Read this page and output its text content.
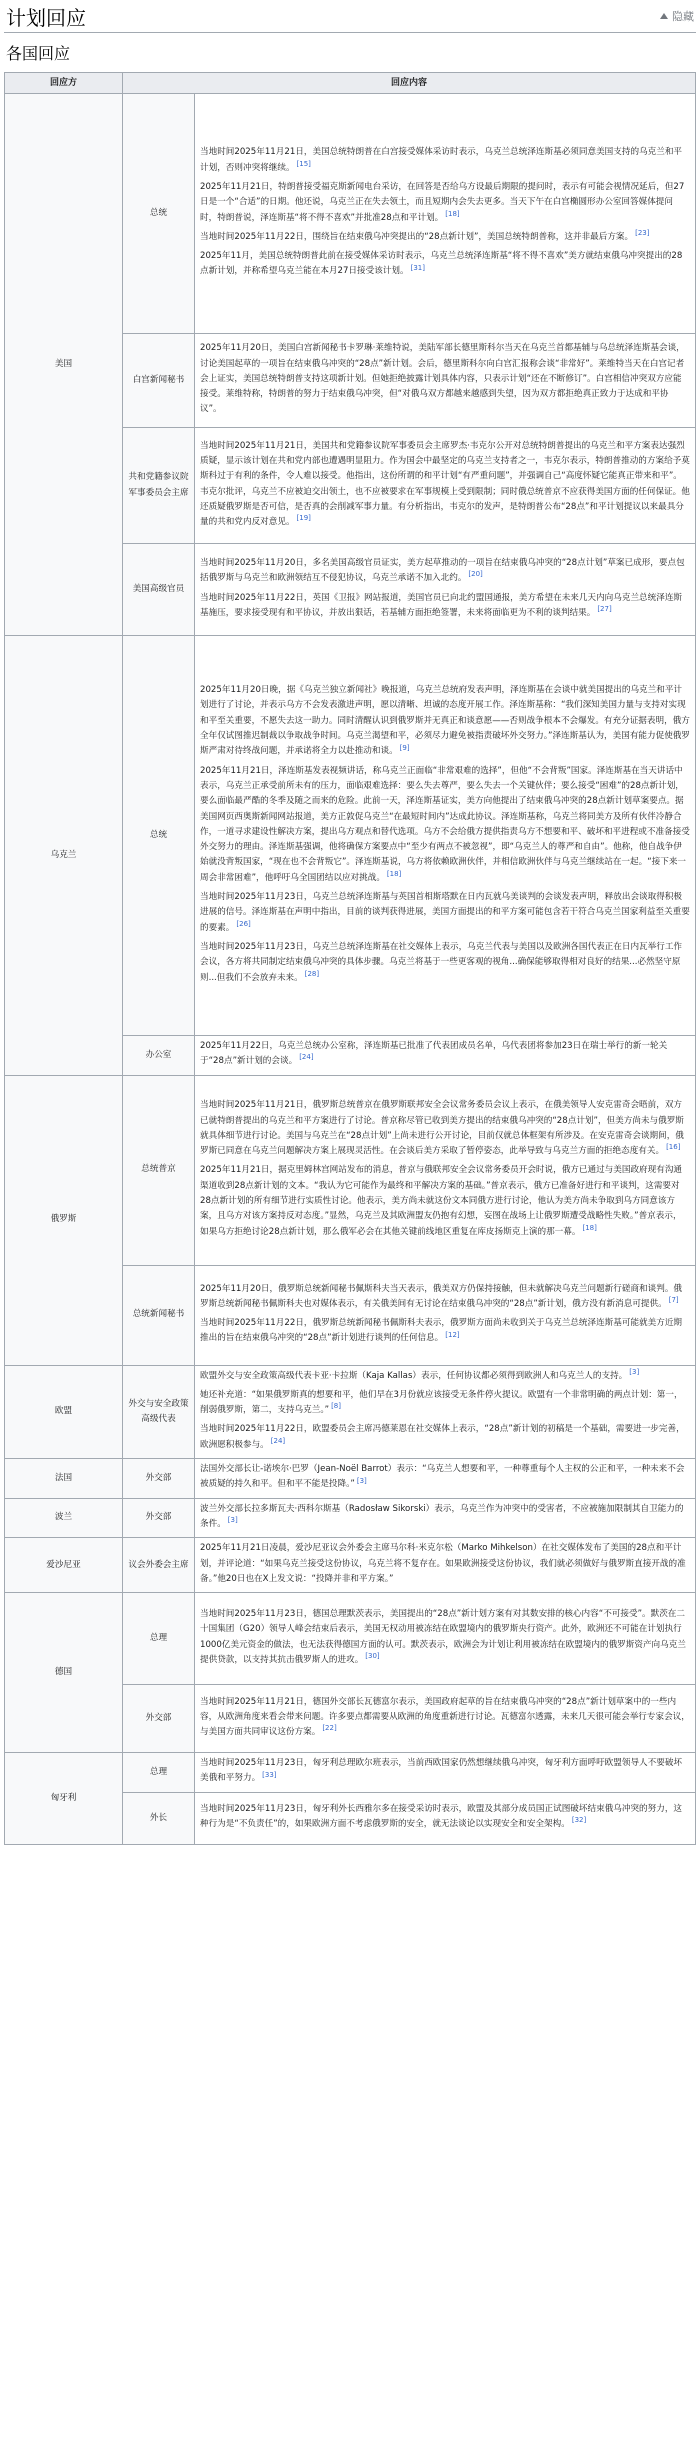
计划回应	隐藏
各国回应
回应方	回应内容	
美国	总统	当地时间2025年11月21日，美国总统特朗普在白宫接受媒体采访时表示，乌克兰总统泽连斯基必须同意美国支持的乌克兰和平计划，否则冲突将继续。 [15]

2025年11月21日，特朗普接受福克斯新闻电台采访，在回答是否给乌方设最后期限的提问时，表示有可能会视情况延后，但27日是一个“合适”的日期。他还说，乌克兰正在失去领土，而且短期内会失去更多。当天下午在白宫椭圆形办公室回答媒体提问时，特朗普说，泽连斯基“将不得不喜欢”并批准28点和平计划。 [18]

当地时间2025年11月22日，围绕旨在结束俄乌冲突提出的“28点新计划”，美国总统特朗普称，这并非最后方案。 [23]

2025年11月，美国总统特朗普此前在接受媒体采访时表示，乌克兰总统泽连斯基“将不得不喜欢”美方就结束俄乌冲突提出的28点新计划，并称希望乌克兰能在本月27日接受该计划。 [31]

	白宫新闻秘书	2025年11月20日，美国白宫新闻秘书卡罗琳·莱维特说，美陆军部长德里斯科尔当天在乌克兰首都基辅与乌总统泽连斯基会谈，讨论美国起草的一项旨在结束俄乌冲突的“28点”新计划。会后，德里斯科尔向白宫汇报称会谈“非常好”。莱维特当天在白宫记者会上证实，美国总统特朗普支持这项新计划。但她拒绝披露计划具体内容，只表示计划“还在不断修订”。白宫相信冲突双方应能接受。莱维特称，特朗普的努力于结束俄乌冲突，但“对俄乌双方都越来越感到失望，因为双方都拒绝真正致力于达成和平协议”。

	共和党籍参议院军事委员会主席	当地时间2025年11月21日，美国共和党籍参议院军事委员会主席罗杰·韦克尔公开对总统特朗普提出的乌克兰和平方案表达强烈质疑，显示该计划在共和党内部也遭遇明显阻力。作为国会中最坚定的乌克兰支持者之一，韦克尔表示，特朗普推动的方案给予莫斯科过于有利的条件，令人难以接受。他指出，这份所谓的和平计划“有严重问题”，并强调自己“高度怀疑它能真正带来和平”。韦克尔批评，乌克兰不应被迫交出领土，也不应被要求在军事规模上受到限制；同时俄总统普京不应获得美国方面的任何保证。他还质疑俄罗斯是否可信，是否真的会削减军事力量。有分析指出，韦克尔的发声，是特朗普公布“28点”和平计划提议以来最具分量的共和党内反对意见。 [19]

	美国高级官员	当地时间2025年11月20日，多名美国高级官员证实，美方起草推动的一项旨在结束俄乌冲突的“28点计划”草案已成形，要点包括俄罗斯与乌克兰和欧洲领结互不侵犯协议，乌克兰承诺不加入北约。 [20]

当地时间2025年11月22日，英国《卫报》网站报道，美国官员已向北约盟国通报，美方希望在未来几天内向乌克兰总统泽连斯基施压，要求接受现有和平协议，并放出狠话，若基辅方面拒绝签署，未来将面临更为不利的谈判结果。 [27]

乌克兰	总统	2025年11月20日晚，据《乌克兰独立新闻社》晚报道，乌克兰总统府发表声明，泽连斯基在会谈中就美国提出的乌克兰和平计划进行了讨论，并表示乌方不会发表激进声明，愿以清晰、坦诚的态度开展工作。泽连斯基称：“我们深知美国力量与支持对实现和平至关重要，不愿失去这一助力。同时清醒认识到俄罗斯并无真正和谈意愿——否则战争根本不会爆发。有充分证据表明，俄方全年仅试图推迟制裁以争取战争时间。乌克兰渴望和平，必须尽力避免被指责破坏外交努力。”泽连斯基认为，美国有能力促使俄罗斯严肃对待终战问题，并承诺将全力以赴推动和谈。 [9]

2025年11月21日，泽连斯基发表视频讲话，称乌克兰正面临“非常艰难的选择”，但他“不会背叛”国家。泽连斯基在当天讲话中表示，乌克兰正承受前所未有的压力，面临艰难选择：要么失去尊严，要么失去一个关键伙伴；要么接受“困难”的28点新计划，要么面临最严酷的冬季及随之而来的危险。此前一天，泽连斯基证实，美方向他提出了结束俄乌冲突的28点新计划草案要点。据美国网页西奥斯新闻网站报道，美方正敦促乌克兰“在最短时间内”达成此协议。泽连斯基称，乌克兰将同美方及所有伙伴冷静合作，一道寻求建设性解决方案，提出乌方观点和替代选项。乌方不会给俄方提供指责乌方不想要和平、破坏和平进程或不准备接受外交努力的理由。泽连斯基强调，他将确保方案要点中“至少有两点不被忽视”，即“乌克兰人的尊严和自由”。他称，他自战争伊始就没背叛国家，“现在也不会背叛它”。泽连斯基说，乌方将依赖欧洲伙伴，并相信欧洲伙伴与乌克兰继续站在一起。“接下来一周会非常困难”，他呼吁乌全国团结以应对挑战。 [18]

当地时间2025年11月23日，乌克兰总统泽连斯基与英国首相斯塔默在日内瓦就乌美谈判的会谈发表声明，释放出会谈取得积极进展的信号。泽连斯基在声明中指出，目前的谈判获得进展，美国方面提出的和平方案可能包含若干符合乌克兰国家利益至关重要的要素。 [26]

当地时间2025年11月23日，乌克兰总统泽连斯基在社交媒体上表示，乌克兰代表与美国以及欧洲各国代表正在日内瓦举行工作会议，各方将共同制定结束俄乌冲突的具体步骤。乌克兰将基于一些更客观的视角...确保能够取得相对良好的结果...必然坚守原则...但我们不会放弃未来。 [28]

	办公室	2025年11月22日，乌克兰总统办公室称，泽连斯基已批准了代表团成员名单，乌代表团将参加23日在瑞士举行的新一轮关于“28点”新计划的会谈。 [24]

俄罗斯	总统普京	当地时间2025年11月21日，俄罗斯总统普京在俄罗斯联邦安全会议常务委员会议上表示，在俄美领导人安克雷奇会晤前，双方已就特朗普提出的乌克兰和平方案进行了讨论。普京称尽管已收到美方提出的结束俄乌冲突的“28点计划”，但美方尚未与俄罗斯就具体细节进行讨论。美国与乌克兰在“28点计划”上尚未进行公开讨论，目前仅就总体框架有所涉及。在安克雷奇会谈期间，俄罗斯已同意在乌克兰问题解决方案上展现灵活性。在会谈后美方采取了暂停姿态，此举导致与乌克兰方面的拒绝态度有关。 [16]

2025年11月21日，据克里姆林宫网站发布的消息，普京与俄联邦安全会议常务委员开会时说，俄方已通过与美国政府现有沟通渠道收到28点新计划的文本。“我认为它可能作为最终和平解决方案的基础。”普京表示，俄方已准备好进行和平谈判，这需要对28点新计划的所有细节进行实质性讨论。他表示，美方尚未就这份文本同俄方进行讨论，他认为美方尚未争取到乌方同意该方案，且乌方对该方案持反对态度。”显然，乌克兰及其欧洲盟友仍抱有幻想，妄图在战场上让俄罗斯遭受战略性失败。”普京表示，如果乌方拒绝讨论28点新计划，那么俄军必会在其他关键前线地区重复在库皮扬斯克上演的那一幕。 [18]

	总统新闻秘书	2025年11月20日，俄罗斯总统新闻秘书佩斯科夫当天表示，俄美双方仍保持接触，但未就解决乌克兰问题新行磋商和谈判。俄罗斯总统新闻秘书佩斯科夫也对媒体表示，有关俄美间有无讨论在结束俄乌冲突的“28点”新计划，俄方没有新消息可提供。 [7]

当地时间2025年11月22日，俄罗斯总统新闻秘书佩斯科夫表示，俄罗斯方面尚未收到关于乌克兰总统泽连斯基可能就美方近期推出的旨在结束俄乌冲突的“28点”新计划进行谈判的任何信息。 [12]

欧盟	外交与安全政策高级代表	欧盟外交与安全政策高级代表卡亚·卡拉斯（Kaja Kallas）表示，任何协议都必须得到欧洲人和乌克兰人的支持。 [3]

她还补充道：“如果俄罗斯真的想要和平，他们早在3月份就应该接受无条件停火提议。欧盟有一个非常明确的两点计划：第一，削弱俄罗斯，第二，支持乌克兰。” [8]

当地时间2025年11月22日，欧盟委员会主席冯德莱恩在社交媒体上表示，“28点”新计划的初稿是一个基础，需要进一步完善，欧洲愿积极参与。 [24]

法国	外交部	法国外交部长让-诺埃尔·巴罗（Jean-Noël Barrot）表示：“乌克兰人想要和平，一种尊重每个人主权的公正和平，一种未来不会被质疑的持久和平。但和平不能是投降。” [3]

波兰	外交部	波兰外交部长拉多斯瓦夫·西科尔斯基（Radosław Sikorski）表示，乌克兰作为冲突中的受害者，不应被施加限制其自卫能力的条件。 [3]

爱沙尼亚	议会外委会主席	2025年11月21日凌晨，爱沙尼亚议会外委会主席马尔科·米克尔松（Marko Mihkelson）在社交媒体发布了美国的28点和平计划，并评论道：“如果乌克兰接受这份协议，乌克兰将不复存在。如果欧洲接受这份协议，我们就必须做好与俄罗斯直接开战的准备。”他20日也在X上发文说：“投降并非和平方案。”

德国	总理	当地时间2025年11月23日，德国总理默茨表示，美国提出的“28点”新计划方案有对其数安排的核心内容“不可接受”。默茨在二十国集团（G20）领导人峰会结束后表示，美国无权动用被冻结在欧盟境内的俄罗斯央行资产。此外，欧洲还不可能在计划执行1000亿美元资金的做法，也无法获得德国方面的认可。默茨表示，欧洲会为计划让利用被冻结在欧盟境内的俄罗斯资产向乌克兰提供贷款，以支持其抗击俄罗斯人的进攻。 [30]

	外交部	当地时间2025年11月21日，德国外交部长瓦德富尔表示，美国政府起草的旨在结束俄乌冲突的“28点”新计划草案中的一些内容，从欧洲角度来看会带来问题。许多要点都需要从欧洲的角度重新进行讨论。瓦德富尔透露，未来几天很可能会举行专家会议，与美国方面共同审议这份方案。 [22]

匈牙利	总理	当地时间2025年11月23日，匈牙利总理欧尔班表示，当前西欧国家仍然想继续俄乌冲突，匈牙利方面呼吁欧盟领导人不要破坏美俄和平努力。 [33]

	外长	当地时间2025年11月23日，匈牙利外长西雅尔多在接受采访时表示，欧盟及其部分成员国正试图破坏结束俄乌冲突的努力，这种行为是“不负责任”的，如果欧洲方面不考虑俄罗斯的安全，就无法谈论以实现安全和安全架构。 [32]
